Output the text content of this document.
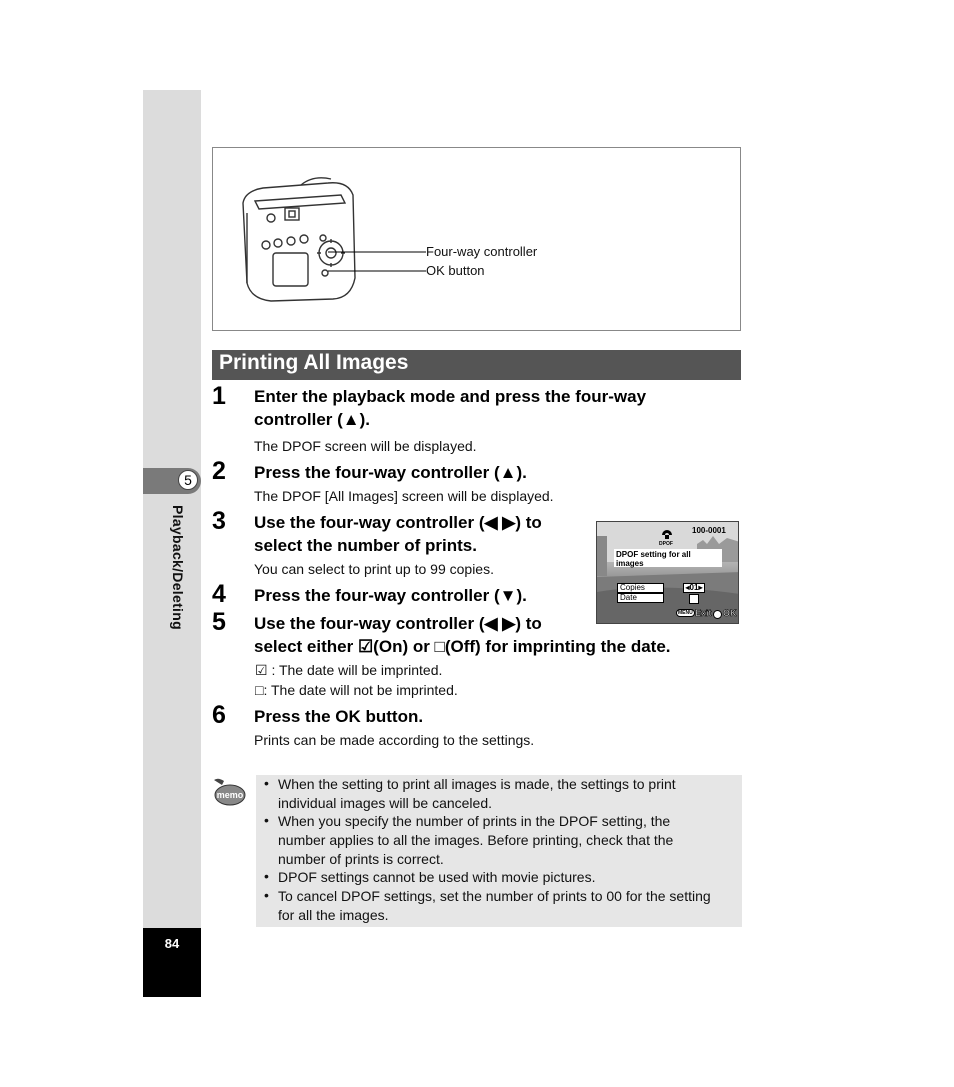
5
Playback/Deleting
84
Four-way controller
OK button
Printing All Images
1 Enter the playback mode and press the four-way
controller (▲).
The DPOF screen will be displayed.
2 Press the four-way controller (▲).
The DPOF [All Images] screen will be displayed.
3 Use the four-way controller (◀ ▶) to
select the number of prints.
You can select to print up to 99 copies.
DPOF
100-0001
DPOF setting for all images
Copies
Date
◂01▸
MENU Exit OK
4 Press the four-way controller (▼).
5 Use the four-way controller (◀ ▶) to
select either ☑(On) or □(Off) for imprinting the date.
☑ : The date will be imprinted.
□: The date will not be imprinted.
6 Press the OK button.
Prints can be made according to the settings.
memo
• When the setting to print all images is made, the settings to print
individual images will be canceled.
• When you specify the number of prints in the DPOF setting, the
number applies to all the images. Before printing, check that the
number of prints is correct.
• DPOF settings cannot be used with movie pictures.
• To cancel DPOF settings, set the number of prints to 00 for the setting
for all the images.
